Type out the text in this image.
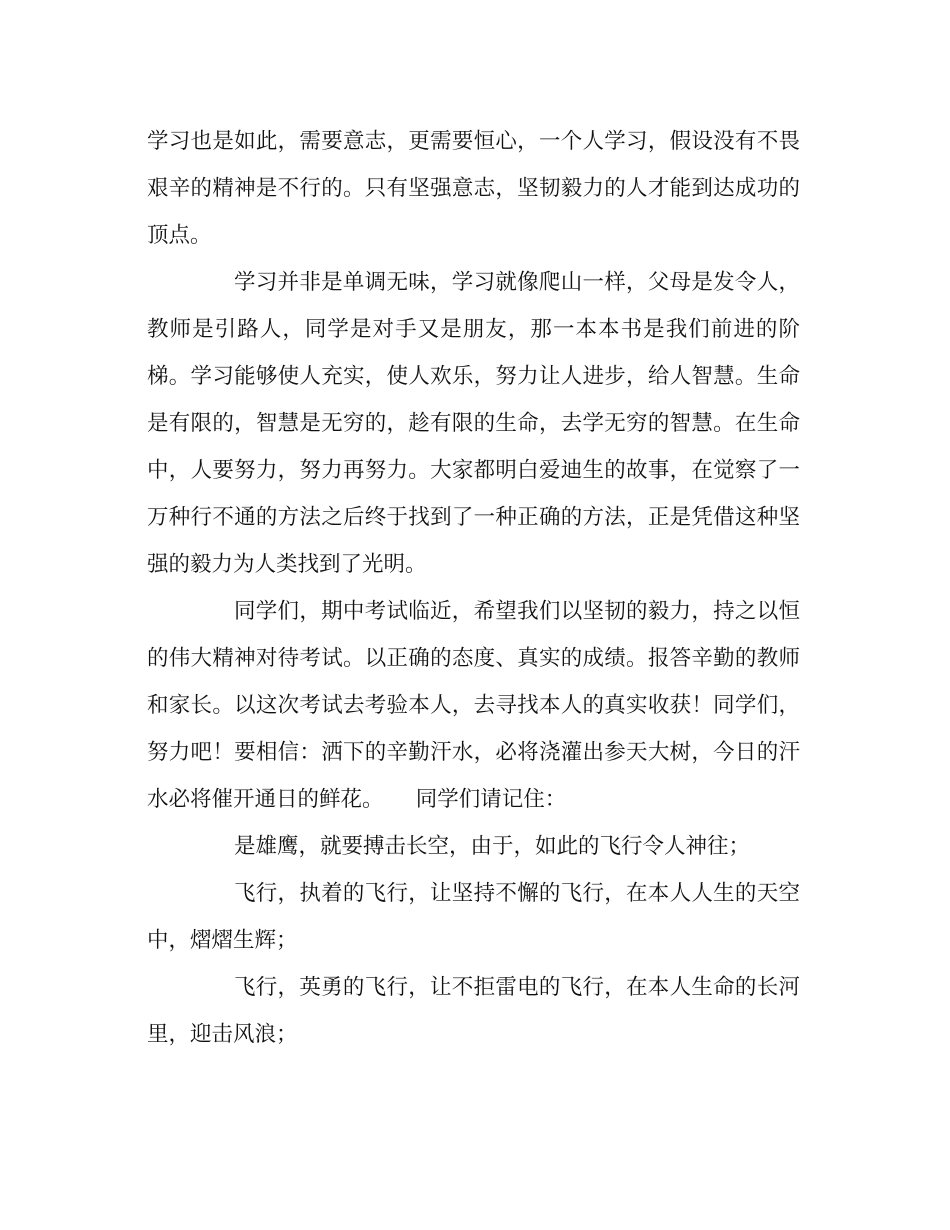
学习也是如此，需要意志，更需要恒心，一个人学习，假设没有不畏艰辛的精神是不行的。只有坚强意志，坚韧毅力的人才能到达成功的顶点。

学习并非是单调无味，学习就像爬山一样，父母是发令人，教师是引路人，同学是对手又是朋友，那一本本书是我们前进的阶梯。学习能够使人充实，使人欢乐，努力让人进步，给人智慧。生命是有限的，智慧是无穷的，趁有限的生命，去学无穷的智慧。在生命中，人要努力，努力再努力。大家都明白爱迪生的故事，在觉察了一万种行不通的方法之后终于找到了一种正确的方法，正是凭借这种坚强的毅力为人类找到了光明。

同学们，期中考试临近，希望我们以坚韧的毅力，持之以恒的伟大精神对待考试。以正确的态度、真实的成绩。报答辛勤的教师和家长。以这次考试去考验本人，去寻找本人的真实收获！同学们，努力吧！要相信：洒下的辛勤汗水，必将浇灌出参天大树，今日的汗水必将催开通日的鲜花。　　同学们请记住：

是雄鹰，就要搏击长空，由于，如此的飞行令人神往；

飞行，执着的飞行，让坚持不懈的飞行，在本人人生的天空中，熠熠生辉；

飞行，英勇的飞行，让不拒雷电的飞行，在本人生命的长河里，迎击风浪；
